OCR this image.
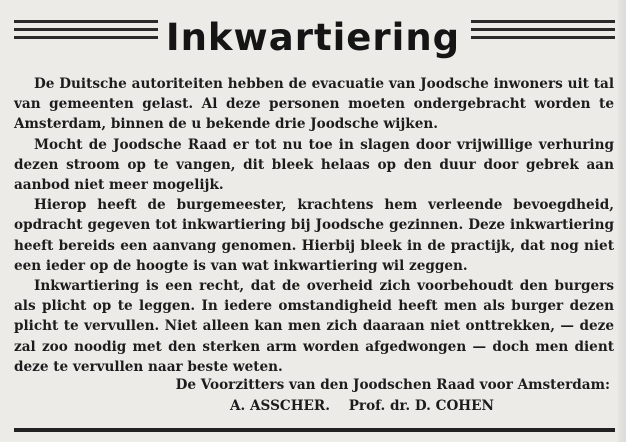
Inkwartiering

De Duitsche autoriteiten hebben de evacuatie van Joodsche inwoners uit tal van gemeenten gelast. Al deze personen moeten ondergebracht worden te Amsterdam, binnen de u bekende drie Joodsche wijken.

Mocht de Joodsche Raad er tot nu toe in slagen door vrijwillige verhuring dezen stroom op te vangen, dit bleek helaas op den duur door gebrek aan aanbod niet meer mogelijk.

Hierop heeft de burgemeester, krachtens hem verleende bevoegdheid, opdracht gegeven tot inkwartiering bij Joodsche gezinnen. Deze inkwartiering heeft bereids een aanvang genomen. Hierbij bleek in de practijk, dat nog niet een ieder op de hoogte is van wat inkwartiering wil zeggen.

Inkwartiering is een recht, dat de overheid zich voorbehoudt den burgers als plicht op te leggen. In iedere omstandigheid heeft men als burger dezen plicht te vervullen. Niet alleen kan men zich daaraan niet onttrekken, — deze zal zoo noodig met den sterken arm worden afgedwongen — doch men dient deze te vervullen naar beste weten.

De Voorzitters van den Joodschen Raad voor Amsterdam:
A. ASSCHER. Prof. dr. D. COHEN
